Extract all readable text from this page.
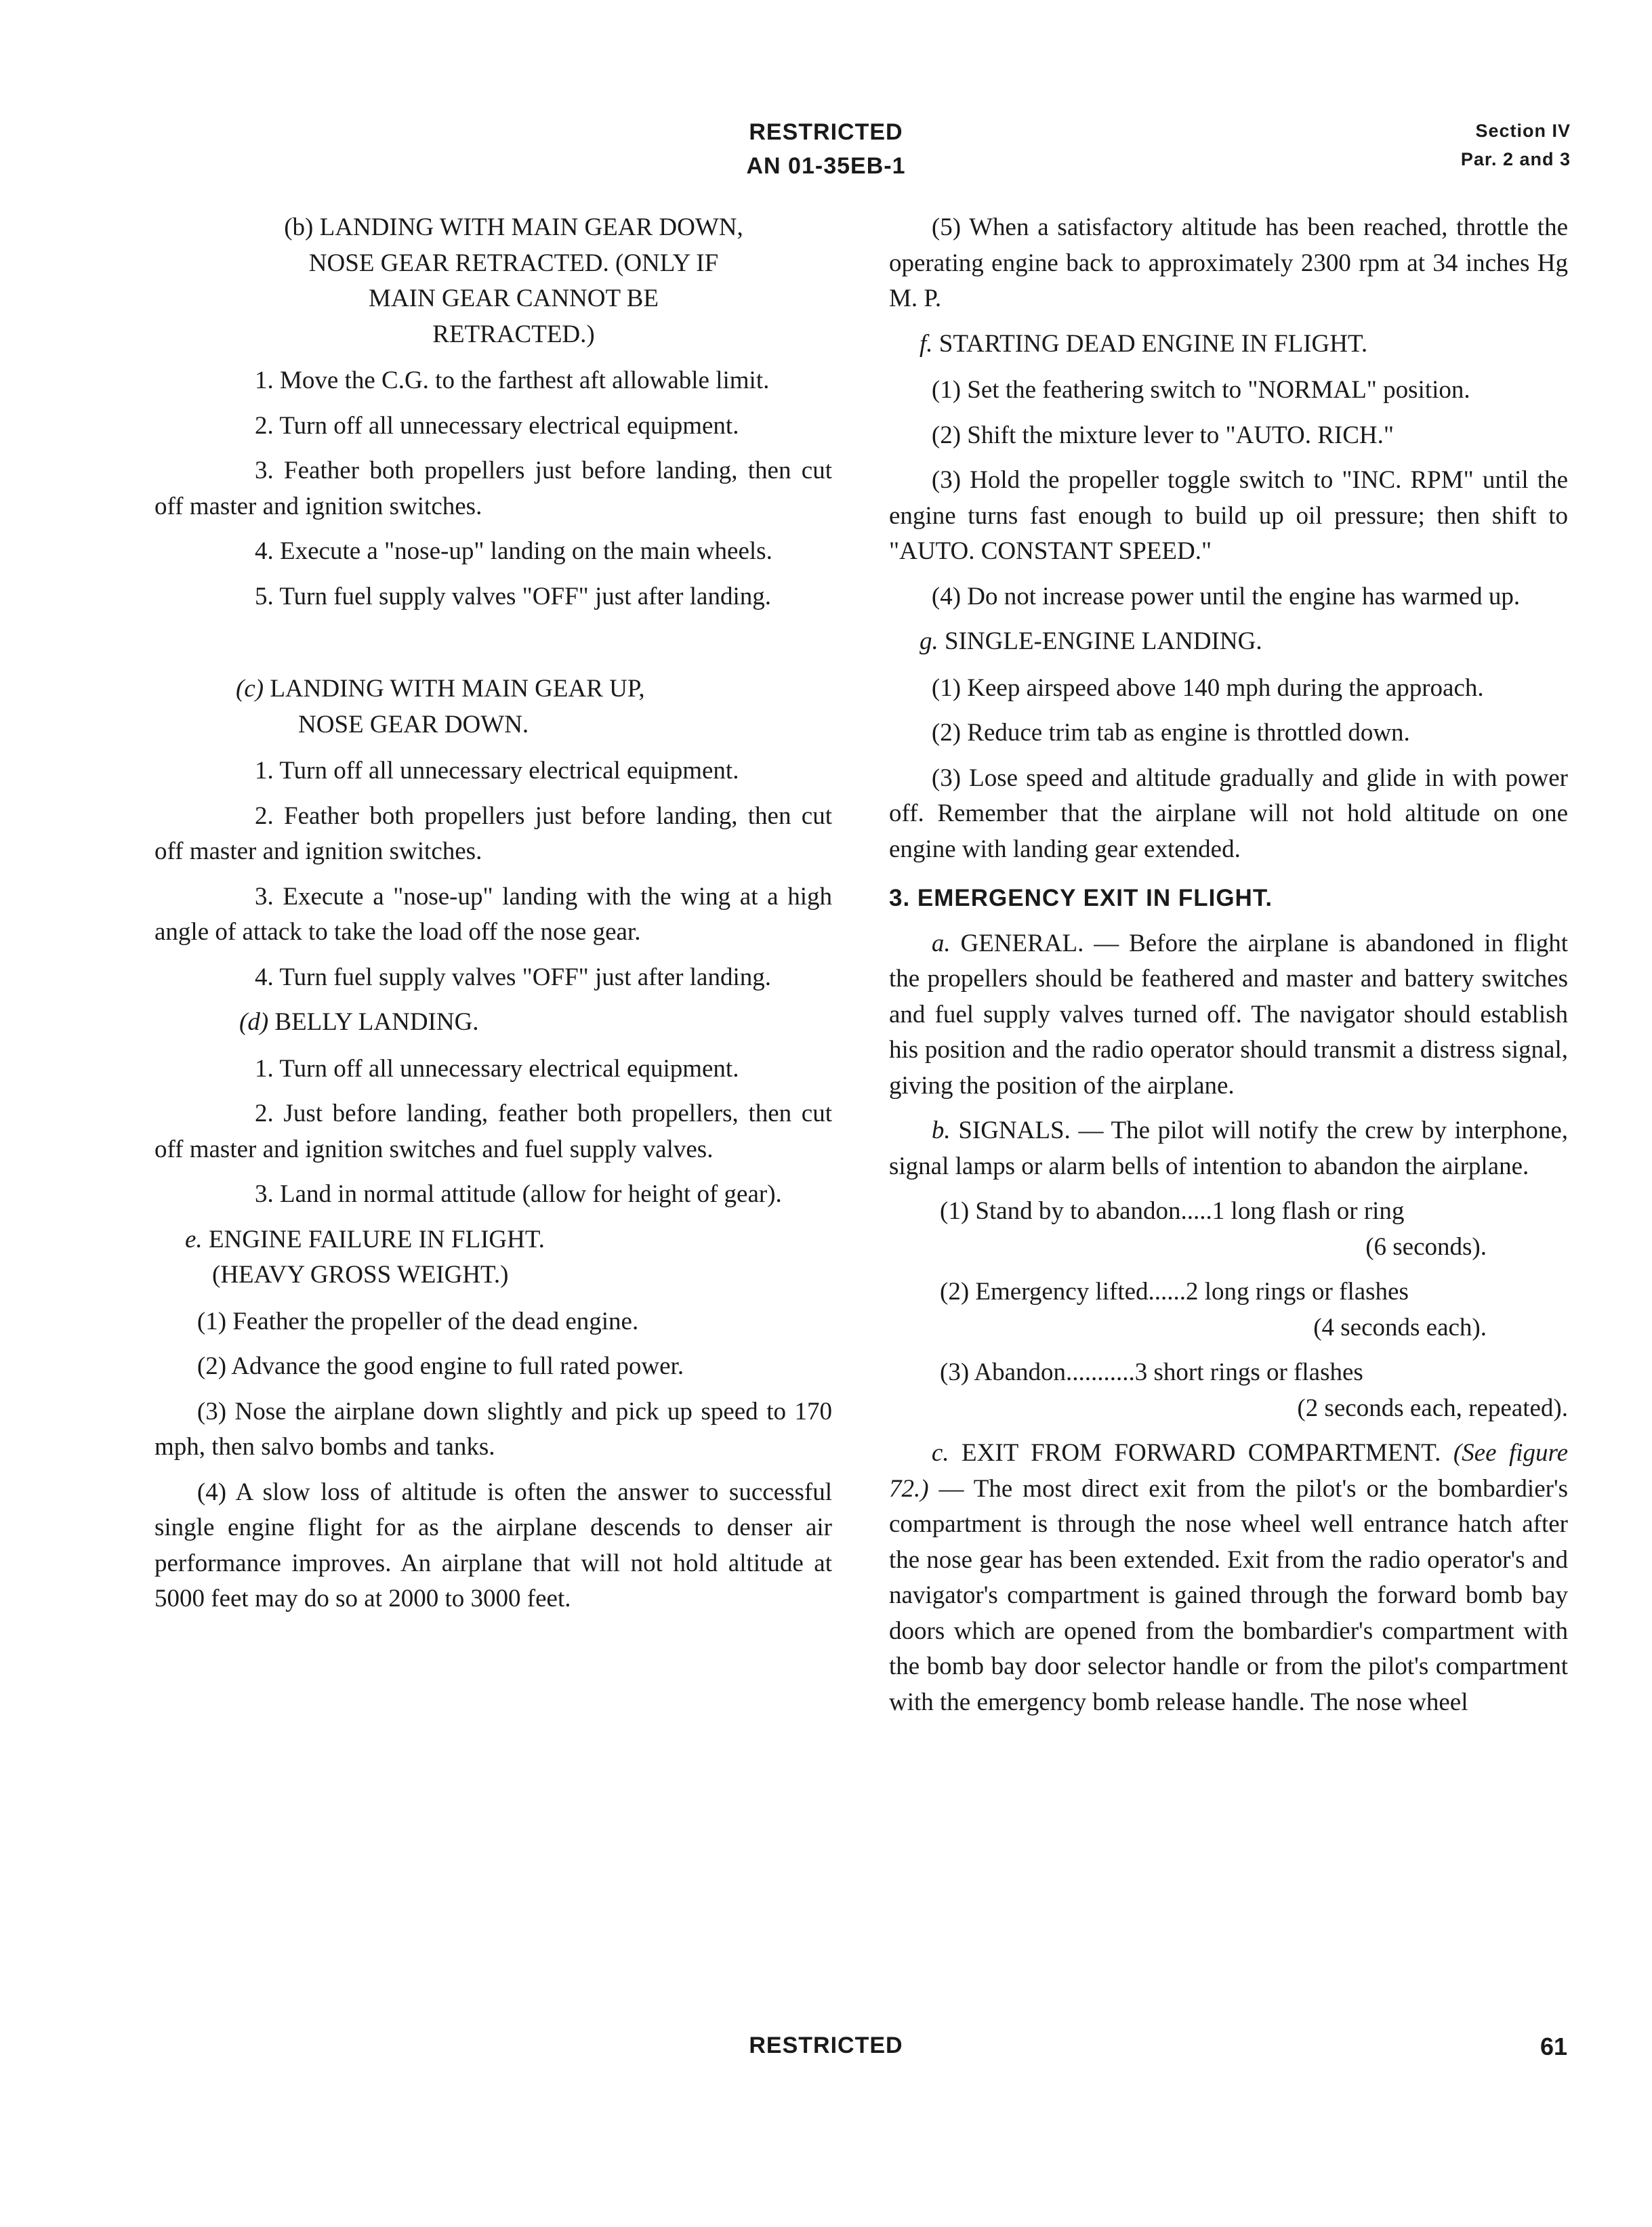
RESTRICTED
AN 01-35EB-1
Section IV
Par. 2 and 3
(b) LANDING WITH MAIN GEAR DOWN,
NOSE GEAR RETRACTED. (ONLY IF
MAIN GEAR CANNOT BE
RETRACTED.)

1. Move the C.G. to the farthest aft allowable limit.

2. Turn off all unnecessary electrical equipment.

3. Feather both propellers just before landing, then cut off master and ignition switches.

4. Execute a "nose-up" landing on the main wheels.

5. Turn fuel supply valves "OFF" just after landing.

(c) LANDING WITH MAIN GEAR UP,
NOSE GEAR DOWN.

1. Turn off all unnecessary electrical equipment.

2. Feather both propellers just before landing, then cut off master and ignition switches.

3. Execute a "nose-up" landing with the wing at a high angle of attack to take the load off the nose gear.

4. Turn fuel supply valves "OFF" just after landing.

(d) BELLY LANDING.

1. Turn off all unnecessary electrical equipment.

2. Just before landing, feather both propellers, then cut off master and ignition switches and fuel supply valves.

3. Land in normal attitude (allow for height of gear).

e. ENGINE FAILURE IN FLIGHT.
(HEAVY GROSS WEIGHT.)

(1) Feather the propeller of the dead engine.

(2) Advance the good engine to full rated power.

(3) Nose the airplane down slightly and pick up speed to 170 mph, then salvo bombs and tanks.

(4) A slow loss of altitude is often the answer to successful single engine flight for as the airplane descends to denser air performance improves. An airplane that will not hold altitude at 5000 feet may do so at 2000 to 3000 feet.

(5) When a satisfactory altitude has been reached, throttle the operating engine back to approximately 2300 rpm at 34 inches Hg M. P.

f. STARTING DEAD ENGINE IN FLIGHT.

(1) Set the feathering switch to "NORMAL" position.

(2) Shift the mixture lever to "AUTO. RICH."

(3) Hold the propeller toggle switch to "INC. RPM" until the engine turns fast enough to build up oil pressure; then shift to "AUTO. CONSTANT SPEED."

(4) Do not increase power until the engine has warmed up.

g. SINGLE-ENGINE LANDING.

(1) Keep airspeed above 140 mph during the approach.

(2) Reduce trim tab as engine is throttled down.

(3) Lose speed and altitude gradually and glide in with power off. Remember that the airplane will not hold altitude on one engine with landing gear extended.

3. EMERGENCY EXIT IN FLIGHT.

a. GENERAL. — Before the airplane is abandoned in flight the propellers should be feathered and master and battery switches and fuel supply valves turned off. The navigator should establish his position and the radio operator should transmit a distress signal, giving the position of the airplane.

b. SIGNALS. — The pilot will notify the crew by interphone, signal lamps or alarm bells of intention to abandon the airplane.

(1) Stand by to abandon.....1 long flash or ring
(6 seconds).
(2) Emergency lifted......2 long rings or flashes
(4 seconds each).
(3) Abandon...........3 short rings or flashes
(2 seconds each, repeated).

c. EXIT FROM FORWARD COMPARTMENT. (See figure 72.) — The most direct exit from the pilot's or the bombardier's compartment is through the nose wheel well entrance hatch after the nose gear has been extended. Exit from the radio operator's and navigator's compartment is gained through the forward bomb bay doors which are opened from the bombardier's compartment with the bomb bay door selector handle or from the pilot's compartment with the emergency bomb release handle. The nose wheel

RESTRICTED	61
